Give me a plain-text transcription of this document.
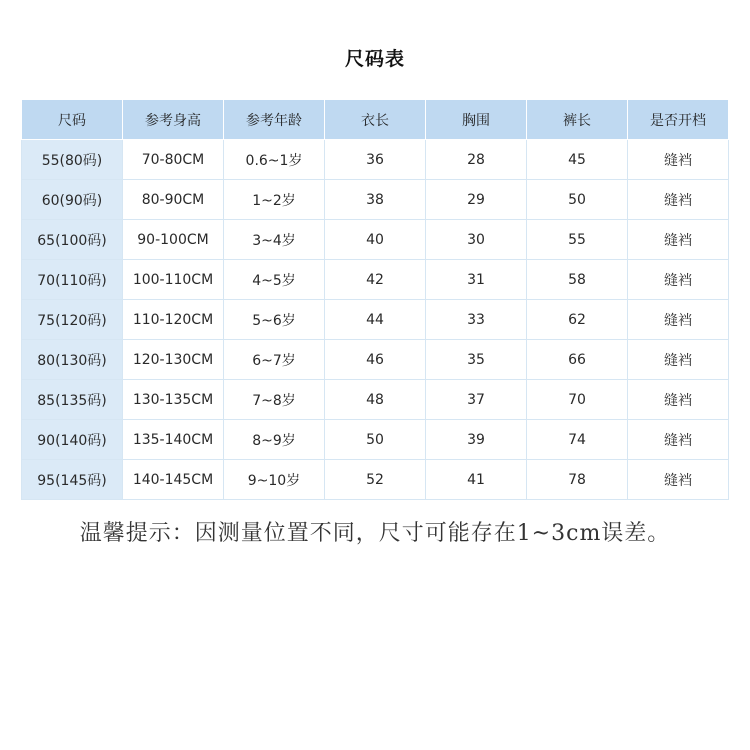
尺码表
尺码	参考身高	参考年龄	衣长	胸围	裤长	是否开档
55(80码)	70-80CM	0.6~1岁	36	28	45	缝裆
60(90码)	80-90CM	1~2岁	38	29	50	缝裆
65(100码)	90-100CM	3~4岁	40	30	55	缝裆
70(110码)	100-110CM	4~5岁	42	31	58	缝裆
75(120码)	110-120CM	5~6岁	44	33	62	缝裆
80(130码)	120-130CM	6~7岁	46	35	66	缝裆
85(135码)	130-135CM	7~8岁	48	37	70	缝裆
90(140码)	135-140CM	8~9岁	50	39	74	缝裆
95(145码)	140-145CM	9~10岁	52	41	78	缝裆
温馨提示：因测量位置不同，尺寸可能存在1~3cm误差。
